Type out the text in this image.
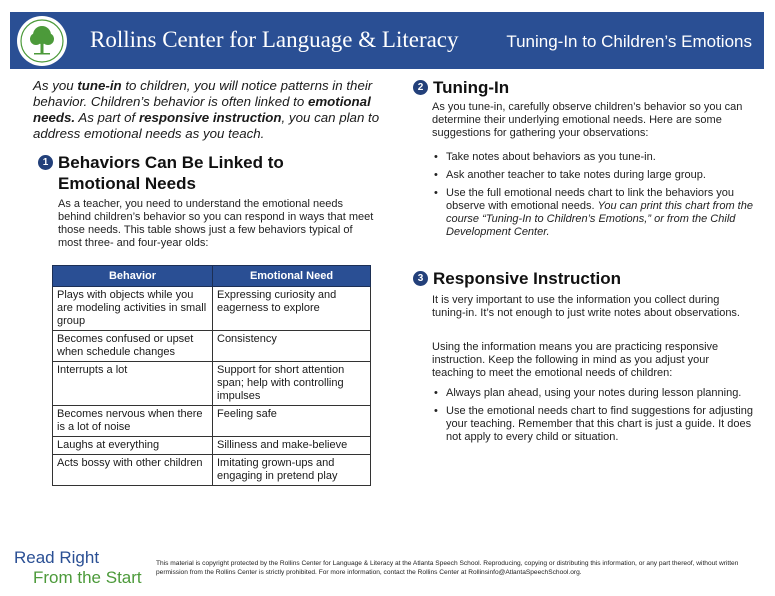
Rollins Center for Language & Literacy	Tuning-In to Children’s Emotions
As you tune-in to children, you will notice patterns in their behavior. Children’s behavior is often linked to emotional needs. As part of responsive instruction, you can plan to address emotional needs as you teach.
1 Behaviors Can Be Linked to Emotional Needs
As a teacher, you need to understand the emotional needs behind children’s behavior so you can respond in ways that meet those needs. This table shows just a few behaviors typical of most three- and four-year olds:
Behavior	Emotional Need
Plays with objects while you are modeling activities in small group	Expressing curiosity and eagerness to explore
Becomes confused or upset when schedule changes	Consistency
Interrupts a lot	Support for short attention span; help with controlling impulses
Becomes nervous when there is a lot of noise	Feeling safe
Laughs at everything	Silliness and make-believe
Acts bossy with other children	Imitating grown-ups and engaging in pretend play
2 Tuning-In
As you tune-in, carefully observe children’s behavior so you can determine their underlying emotional needs. Here are some suggestions for gathering your observations:
• Take notes about behaviors as you tune-in.
• Ask another teacher to take notes during large group.
• Use the full emotional needs chart to link the behaviors you observe with emotional needs. You can print this chart from the course “Tuning-In to Children’s Emotions,” or from the Child Development Center.
3 Responsive Instruction
It is very important to use the information you collect during tuning-in. It’s not enough to just write notes about observations.
Using the information means you are practicing responsive instruction. Keep the following in mind as you adjust your teaching to meet the emotional needs of children:
• Always plan ahead, using your notes during lesson planning.
• Use the emotional needs chart to find suggestions for adjusting your teaching. Remember that this chart is just a guide. It does not apply to every child or situation.
Read Right
From the Start
This material is copyright protected by the Rollins Center for Language & Literacy at the Atlanta Speech School. Reproducing, copying or distributing this information, or any part thereof, without written permission from the Rollins Center is strictly prohibited. For more information, contact the Rollins Center at Rollinsinfo@AtlantaSpeechSchool.org.
